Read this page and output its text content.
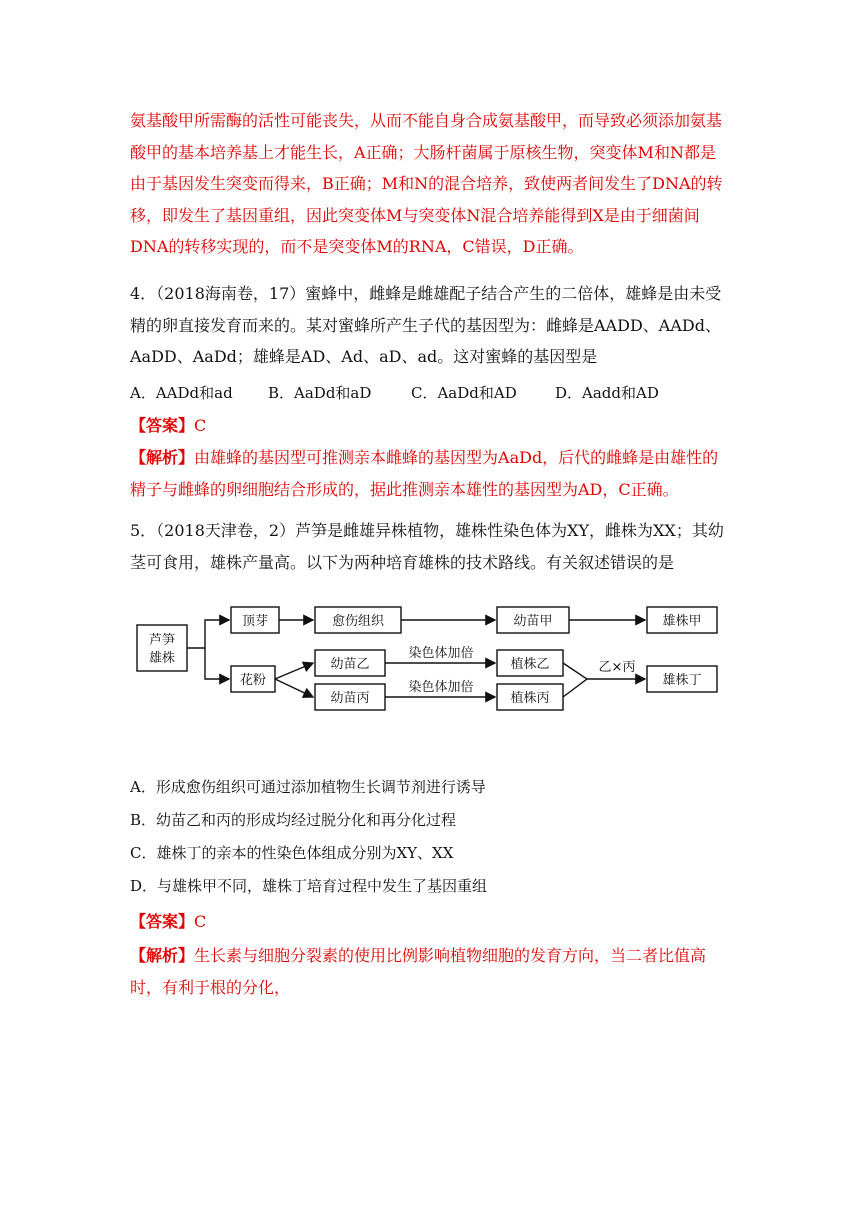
氨基酸甲所需酶的活性可能丧失，从而不能自身合成氨基酸甲，而导致必须添加氨基酸甲的基本培养基上才能生长，A正确；大肠杆菌属于原核生物，突变体M和N都是由于基因发生突变而得来，B正确；M和N的混合培养，致使两者间发生了DNA的转移，即发生了基因重组，因此突变体M与突变体N混合培养能得到X是由于细菌间DNA的转移实现的，而不是突变体M的RNA，C错误，D正确。

4．（2018海南卷，17）蜜蜂中，雌蜂是雌雄配子结合产生的二倍体，雄蜂是由未受精的卵直接发育而来的。某对蜜蜂所产生子代的基因型为：雌蜂是AADD、AADd、AaDD、AaDd；雄蜂是AD、Ad、aD、ad。这对蜜蜂的基因型是

A．AADd和ad B．AaDd和aD	C．AaDd和AD	D．Aadd和AD

【答案】C

【解析】由雄蜂的基因型可推测亲本雌蜂的基因型为AaDd，后代的雌蜂是由雄性的精子与雌蜂的卵细胞结合形成的，据此推测亲本雄性的基因型为AD，C正确。

5．（2018天津卷，2）芦笋是雌雄异株植物，雄株性染色体为XY，雌株为XX；其幼茎可食用，雄株产量高。以下为两种培育雄株的技术路线。有关叙述错误的是

芦笋
雄株
顶芽	愈伤组织	幼苗甲	雄株甲
花粉
幼苗乙
幼苗丙
染色体加倍
染色体加倍
植株乙
植株丙
乙×丙
雄株丁

A．形成愈伤组织可通过添加植物生长调节剂进行诱导

B．幼苗乙和丙的形成均经过脱分化和再分化过程

C．雄株丁的亲本的性染色体组成分别为XY、XX

D．与雄株甲不同，雄株丁培育过程中发生了基因重组

【答案】C

【解析】生长素与细胞分裂素的使用比例影响植物细胞的发育方向，当二者比值高时，有利于根的分化，
